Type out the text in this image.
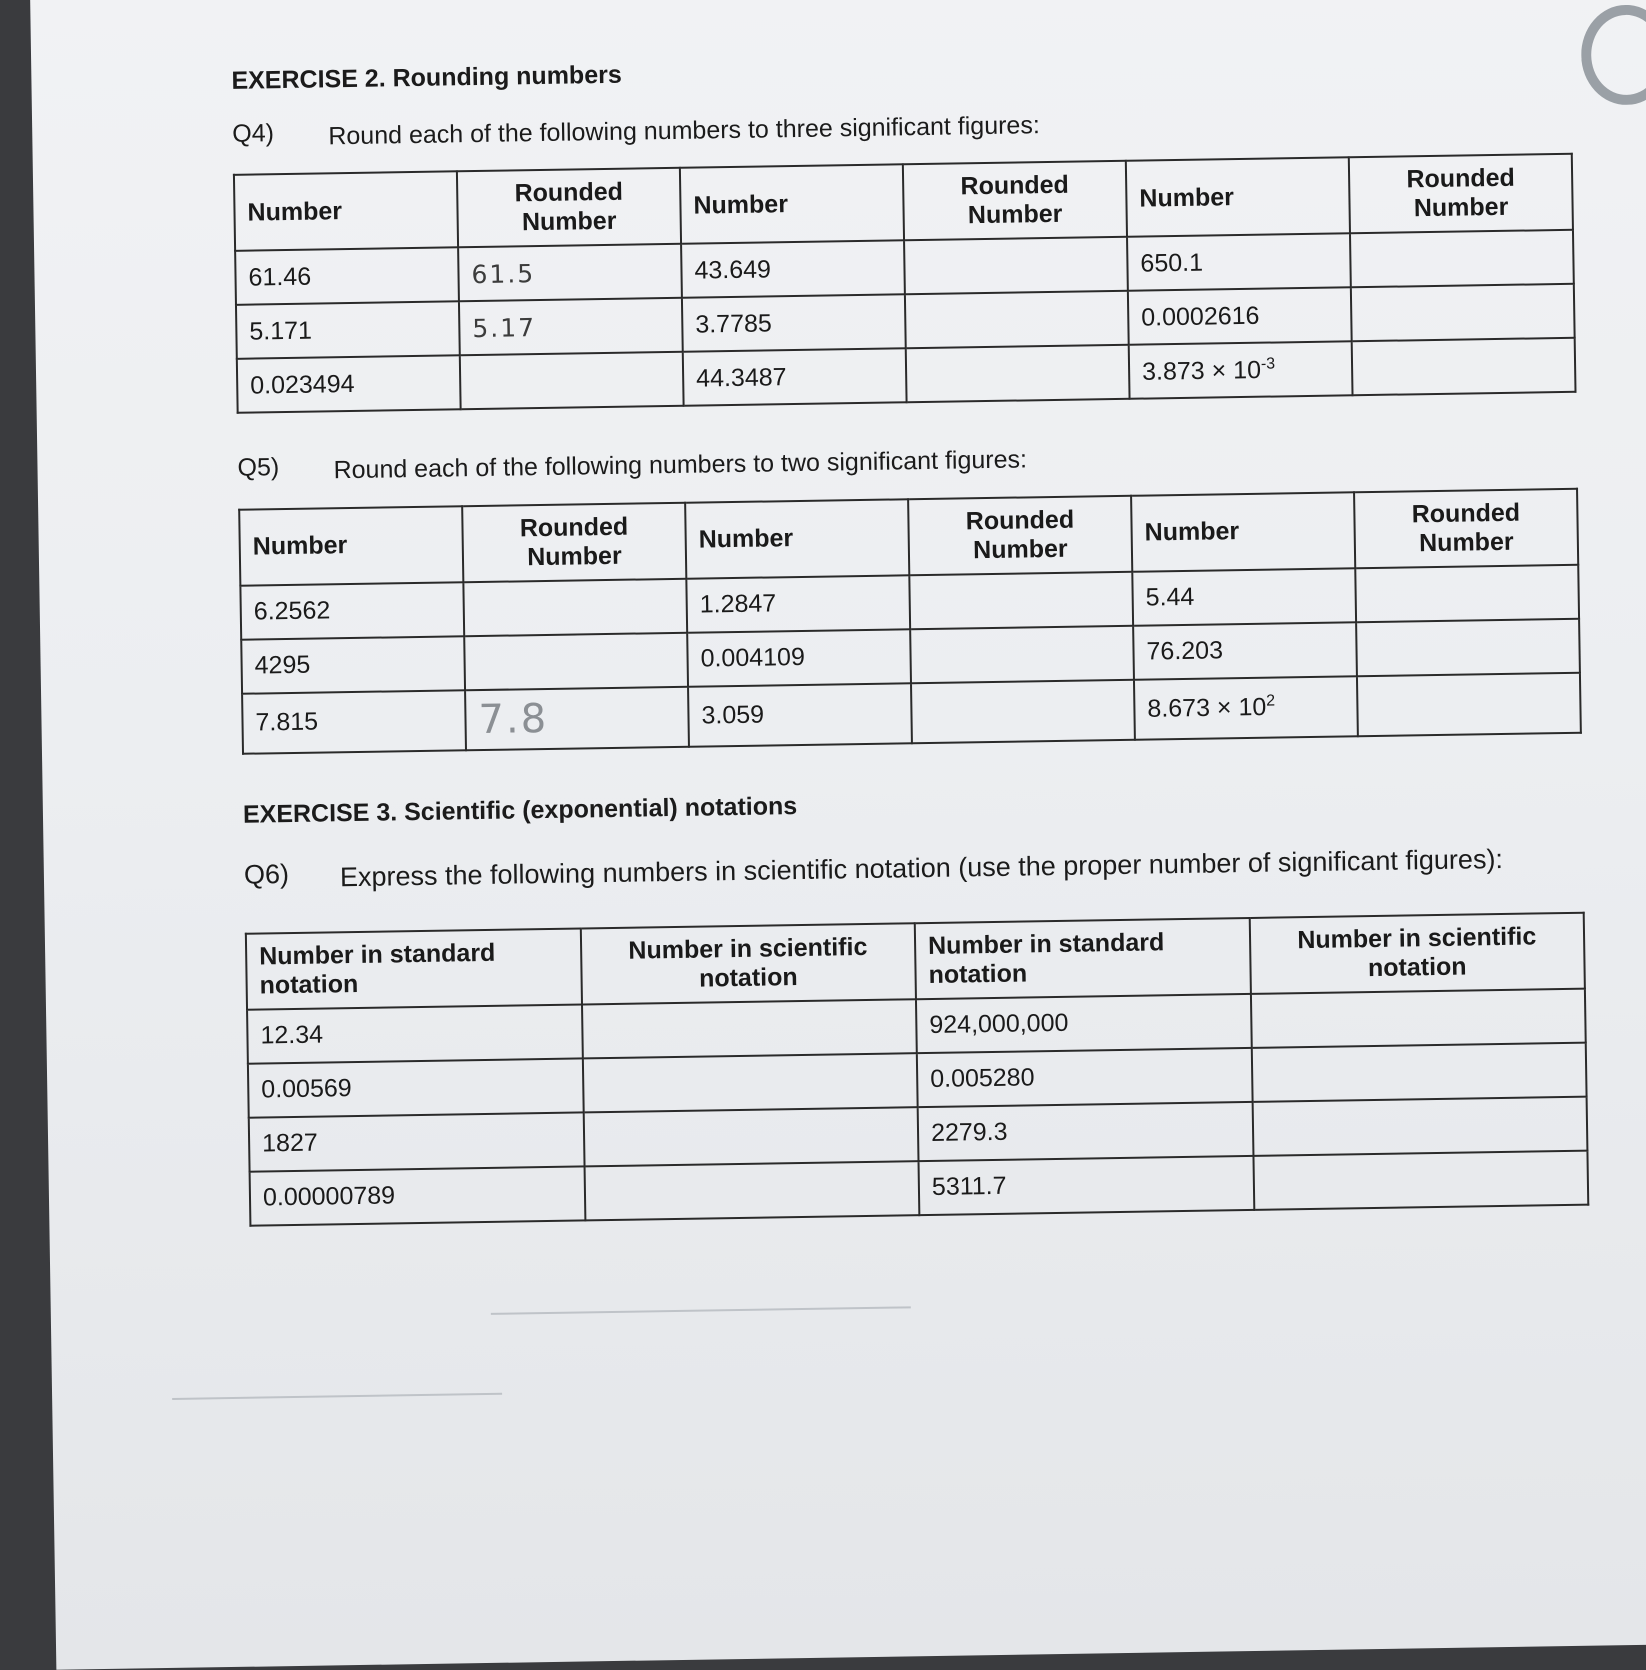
EXERCISE 2. Rounding numbers
Q4)	Round each of the following numbers to three significant figures:
Number	Rounded Number	Number	Rounded Number	Number	Rounded Number
61.46	61.5	43.649		650.1	
5.171	5.17	3.7785		0.0002616	
0.023494		44.3487		$3.873 \times 10^{-3}$	
Q5)	Round each of the following numbers to two significant figures:
Number	Rounded Number	Number	Rounded Number	Number	Rounded Number
6.2562		1.2847		5.44	
4295		0.004109		76.203	
7.815	7.8	3.059		$8.673 \times 10^2$	
EXERCISE 3. Scientific (exponential) notations
Q6)	Express the following numbers in scientific notation (use the proper number of significant figures):
Number in standard notation	Number in scientific notation	Number in standard notation	Number in scientific notation
12.34		924,000,000	
0.00569		0.005280	
1827		2279.3	
0.00000789		5311.7	
